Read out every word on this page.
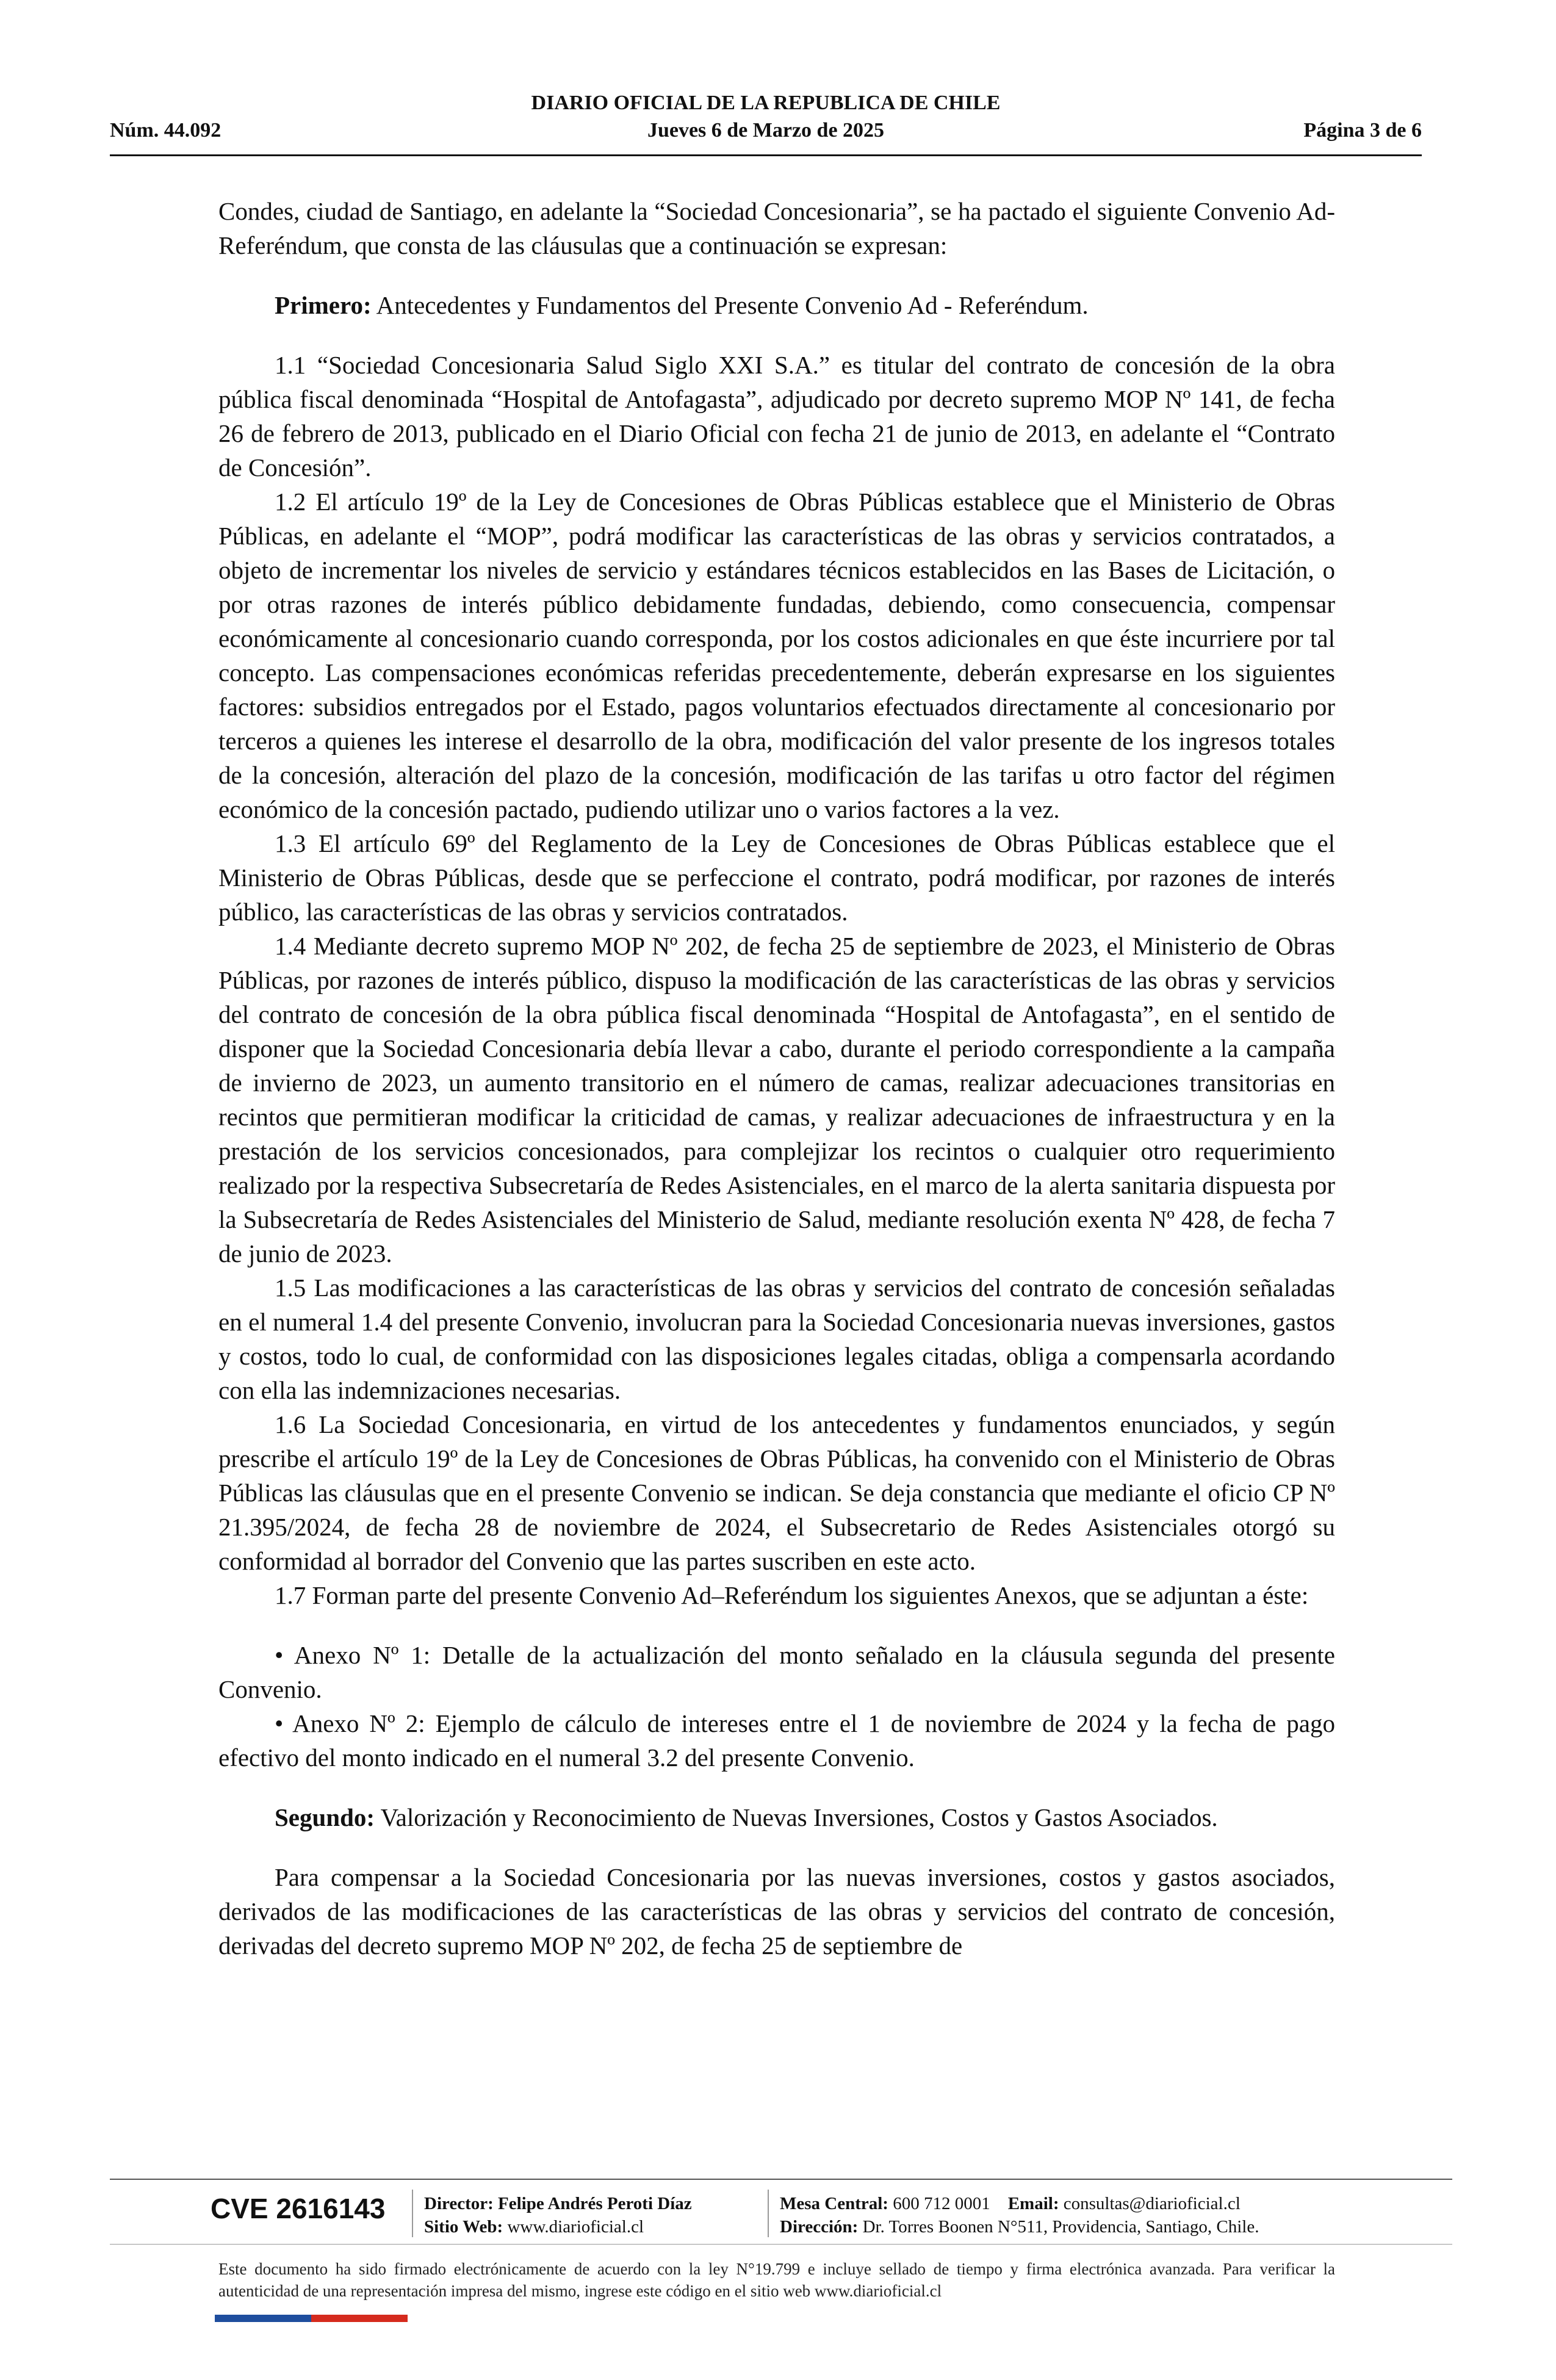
DIARIO OFICIAL DE LA REPUBLICA DE CHILE
Núm. 44.092	Jueves 6 de Marzo de 2025	Página 3 de 6

Condes, ciudad de Santiago, en adelante la “Sociedad Concesionaria”, se ha pactado el siguiente Convenio Ad-Referéndum, que consta de las cláusulas que a continuación se expresan:

Primero: Antecedentes y Fundamentos del Presente Convenio Ad - Referéndum.

1.1 “Sociedad Concesionaria Salud Siglo XXI S.A.” es titular del contrato de concesión de la obra pública fiscal denominada “Hospital de Antofagasta”, adjudicado por decreto supremo MOP Nº 141, de fecha 26 de febrero de 2013, publicado en el Diario Oficial con fecha 21 de junio de 2013, en adelante el “Contrato de Concesión”.

1.2 El artículo 19º de la Ley de Concesiones de Obras Públicas establece que el Ministerio de Obras Públicas, en adelante el “MOP”, podrá modificar las características de las obras y servicios contratados, a objeto de incrementar los niveles de servicio y estándares técnicos establecidos en las Bases de Licitación, o por otras razones de interés público debidamente fundadas, debiendo, como consecuencia, compensar económicamente al concesionario cuando corresponda, por los costos adicionales en que éste incurriere por tal concepto. Las compensaciones económicas referidas precedentemente, deberán expresarse en los siguientes factores: subsidios entregados por el Estado, pagos voluntarios efectuados directamente al concesionario por terceros a quienes les interese el desarrollo de la obra, modificación del valor presente de los ingresos totales de la concesión, alteración del plazo de la concesión, modificación de las tarifas u otro factor del régimen económico de la concesión pactado, pudiendo utilizar uno o varios factores a la vez.

1.3 El artículo 69º del Reglamento de la Ley de Concesiones de Obras Públicas establece que el Ministerio de Obras Públicas, desde que se perfeccione el contrato, podrá modificar, por razones de interés público, las características de las obras y servicios contratados.

1.4 Mediante decreto supremo MOP Nº 202, de fecha 25 de septiembre de 2023, el Ministerio de Obras Públicas, por razones de interés público, dispuso la modificación de las características de las obras y servicios del contrato de concesión de la obra pública fiscal denominada “Hospital de Antofagasta”, en el sentido de disponer que la Sociedad Concesionaria debía llevar a cabo, durante el periodo correspondiente a la campaña de invierno de 2023, un aumento transitorio en el número de camas, realizar adecuaciones transitorias en recintos que permitieran modificar la criticidad de camas, y realizar adecuaciones de infraestructura y en la prestación de los servicios concesionados, para complejizar los recintos o cualquier otro requerimiento realizado por la respectiva Subsecretaría de Redes Asistenciales, en el marco de la alerta sanitaria dispuesta por la Subsecretaría de Redes Asistenciales del Ministerio de Salud, mediante resolución exenta Nº 428, de fecha 7 de junio de 2023.

1.5 Las modificaciones a las características de las obras y servicios del contrato de concesión señaladas en el numeral 1.4 del presente Convenio, involucran para la Sociedad Concesionaria nuevas inversiones, gastos y costos, todo lo cual, de conformidad con las disposiciones legales citadas, obliga a compensarla acordando con ella las indemnizaciones necesarias.

1.6 La Sociedad Concesionaria, en virtud de los antecedentes y fundamentos enunciados, y según prescribe el artículo 19º de la Ley de Concesiones de Obras Públicas, ha convenido con el Ministerio de Obras Públicas las cláusulas que en el presente Convenio se indican. Se deja constancia que mediante el oficio CP Nº 21.395/2024, de fecha 28 de noviembre de 2024, el Subsecretario de Redes Asistenciales otorgó su conformidad al borrador del Convenio que las partes suscriben en este acto.

1.7 Forman parte del presente Convenio Ad–Referéndum los siguientes Anexos, que se adjuntan a éste:

• Anexo Nº 1: Detalle de la actualización del monto señalado en la cláusula segunda del presente Convenio.

• Anexo Nº 2: Ejemplo de cálculo de intereses entre el 1 de noviembre de 2024 y la fecha de pago efectivo del monto indicado en el numeral 3.2 del presente Convenio.

Segundo: Valorización y Reconocimiento de Nuevas Inversiones, Costos y Gastos Asociados.

Para compensar a la Sociedad Concesionaria por las nuevas inversiones, costos y gastos asociados, derivados de las modificaciones de las características de las obras y servicios del contrato de concesión, derivadas del decreto supremo MOP Nº 202, de fecha 25 de septiembre de

CVE 2616143 Director: Felipe Andrés Peroti Díaz
Sitio Web: www.diarioficial.cl
Mesa Central: 600 712 0001 Email: consultas@diarioficial.cl
Dirección: Dr. Torres Boonen N°511, Providencia, Santiago, Chile.
Este documento ha sido firmado electrónicamente de acuerdo con la ley N°19.799 e incluye sellado de tiempo y firma electrónica avanzada. Para verificar la autenticidad de una representación impresa del mismo, ingrese este código en el sitio web www.diarioficial.cl
